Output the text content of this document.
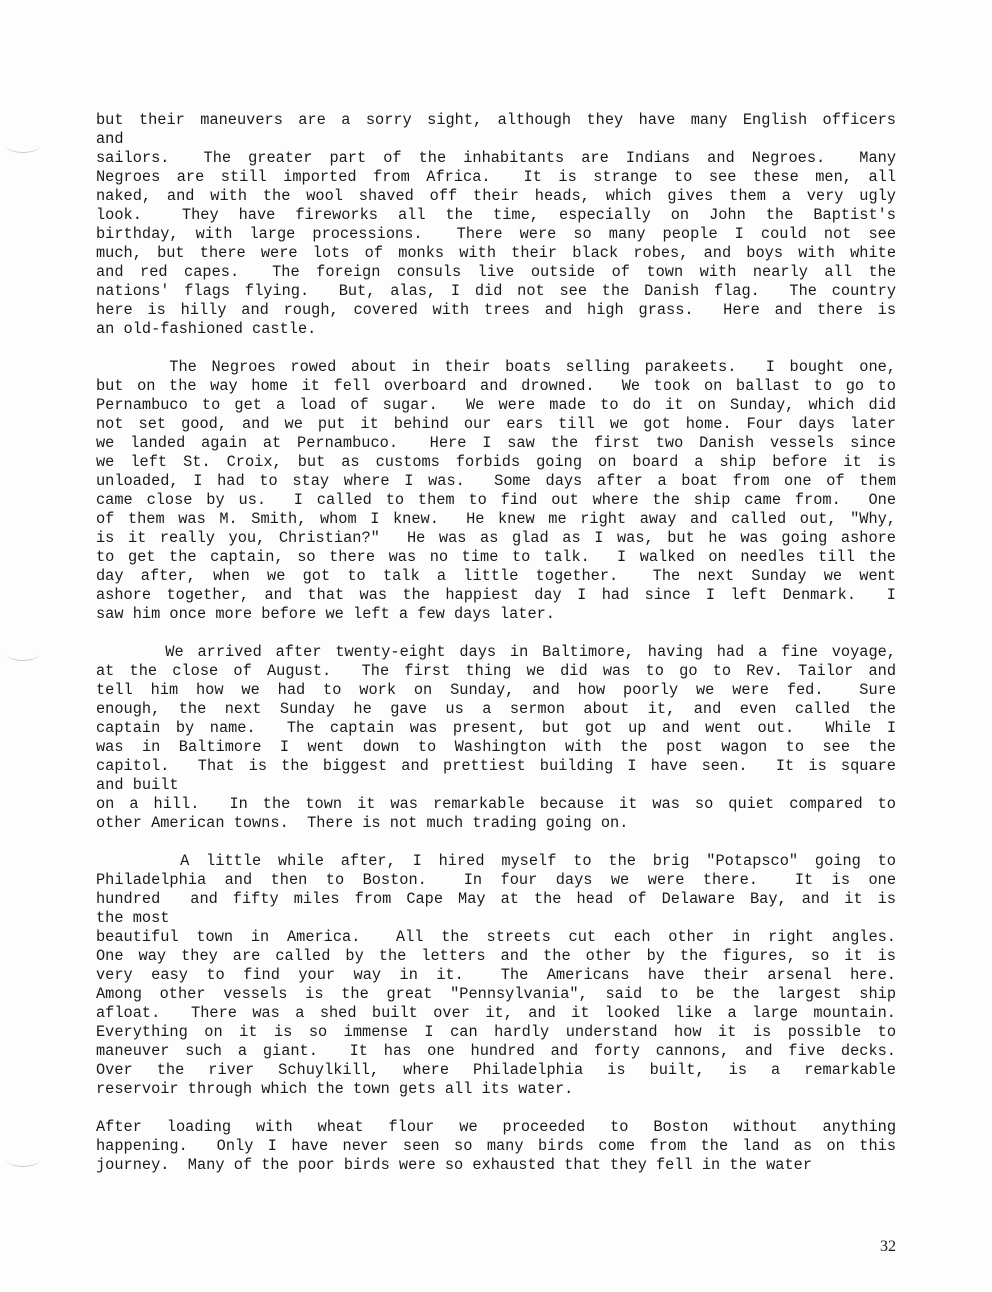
but their maneuvers are a sorry sight, although they have many English officers
and
sailors.  The greater part of the inhabitants are Indians and Negroes.  Many
Negroes are still imported from Africa.  It is strange to see these men, all
naked, and with the wool shaved off their heads, which gives them a very ugly
look.  They have fireworks all the time, especially on John the Baptist's
birthday, with large processions.  There were so many people I could not see
much, but there were lots of monks with their black robes, and boys with white
and red capes.  The foreign consuls live outside of town with nearly all the
nations' flags flying.  But, alas, I did not see the Danish flag.  The country
here is hilly and rough, covered with trees and high grass.  Here and there is
an old-fashioned castle.
The Negroes rowed about in their boats selling parakeets.  I bought one,
but on the way home it fell overboard and drowned.  We took on ballast to go to
Pernambuco to get a load of sugar.  We were made to do it on Sunday, which did
not set good, and we put it behind our ears till we got home. Four days later
we landed again at Pernambuco.  Here I saw the first two Danish vessels since
we left St. Croix, but as customs forbids going on board a ship before it is
unloaded, I had to stay where I was.  Some days after a boat from one of them
came close by us.  I called to them to find out where the ship came from.  One
of them was M. Smith, whom I knew.  He knew me right away and called out, "Why,
is it really you, Christian?"  He was as glad as I was, but he was going ashore
to get the captain, so there was no time to talk.  I walked on needles till the
day after, when we got to talk a little together.  The next Sunday we went
ashore together, and that was the happiest day I had since I left Denmark.  I
saw him once more before we left a few days later.
We arrived after twenty-eight days in Baltimore, having had a fine voyage,
at the close of August.  The first thing we did was to go to Rev. Tailor and
tell him how we had to work on Sunday, and how poorly we were fed.  Sure
enough, the next Sunday he gave us a sermon about it, and even called the
captain by name.  The captain was present, but got up and went out.  While I
was in Baltimore I went down to Washington with the post wagon to see the
capitol.  That is the biggest and prettiest building I have seen.  It is square
and built
on a hill.  In the town it was remarkable because it was so quiet compared to
other American towns.  There is not much trading going on.
A little while after, I hired myself to the brig "Potapsco" going to
Philadelphia and then to Boston.  In four days we were there.  It is one
hundred  and fifty miles from Cape May at the head of Delaware Bay, and it is
the most
beautiful town in America.  All the streets cut each other in right angles.
One way they are called by the letters and the other by the figures, so it is
very easy to find your way in it.  The Americans have their arsenal here.
Among other vessels is the great "Pennsylvania", said to be the largest ship
afloat.  There was a shed built over it, and it looked like a large mountain.
Everything on it is so immense I can hardly understand how it is possible to
maneuver such a giant.  It has one hundred and forty cannons, and five decks.
Over the river Schuylkill, where Philadelphia is built, is a remarkable
reservoir through which the town gets all its water.
After loading with wheat flour we proceeded to Boston without anything
happening.  Only I have never seen so many birds come from the land as on this
journey.  Many of the poor birds were so exhausted that they fell in the water
32
